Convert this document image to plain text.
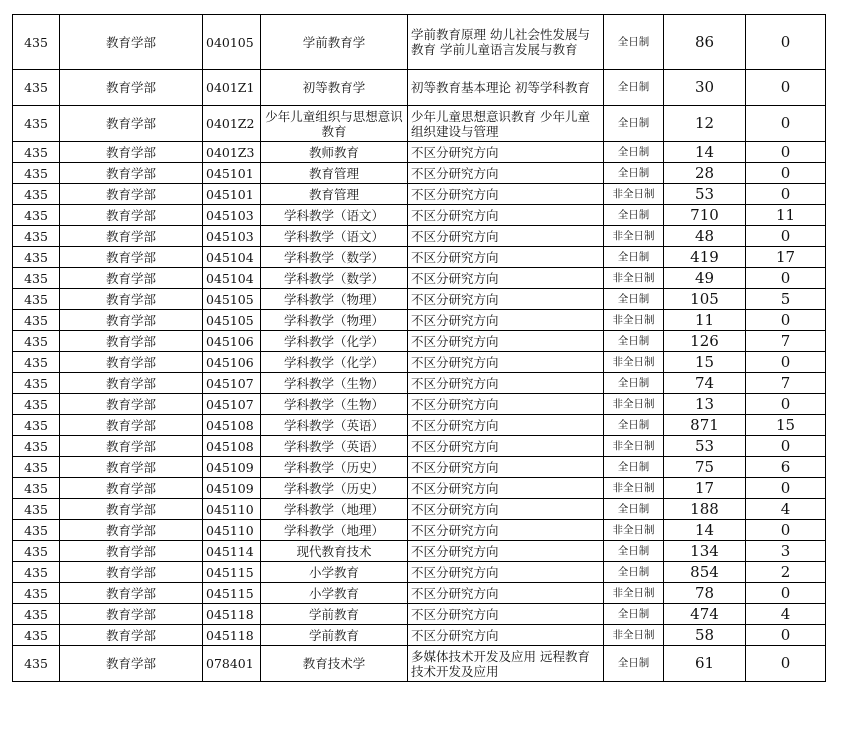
435	教育学部	040105	学前教育学	学前教育原理 幼儿社会性发展与教育 学前儿童语言发展与教育	全日制	86	0
435	教育学部	0401Z1	初等教育学	初等教育基本理论 初等学科教育	全日制	30	0
435	教育学部	0401Z2	少年儿童组织与思想意识教育	少年儿童思想意识教育 少年儿童组织建设与管理	全日制	12	0
435	教育学部	0401Z3	教师教育	不区分研究方向	全日制	14	0
435	教育学部	045101	教育管理	不区分研究方向	全日制	28	0
435	教育学部	045101	教育管理	不区分研究方向	非全日制	53	0
435	教育学部	045103	学科教学（语文）	不区分研究方向	全日制	710	11
435	教育学部	045103	学科教学（语文）	不区分研究方向	非全日制	48	0
435	教育学部	045104	学科教学（数学）	不区分研究方向	全日制	419	17
435	教育学部	045104	学科教学（数学）	不区分研究方向	非全日制	49	0
435	教育学部	045105	学科教学（物理）	不区分研究方向	全日制	105	5
435	教育学部	045105	学科教学（物理）	不区分研究方向	非全日制	11	0
435	教育学部	045106	学科教学（化学）	不区分研究方向	全日制	126	7
435	教育学部	045106	学科教学（化学）	不区分研究方向	非全日制	15	0
435	教育学部	045107	学科教学（生物）	不区分研究方向	全日制	74	7
435	教育学部	045107	学科教学（生物）	不区分研究方向	非全日制	13	0
435	教育学部	045108	学科教学（英语）	不区分研究方向	全日制	871	15
435	教育学部	045108	学科教学（英语）	不区分研究方向	非全日制	53	0
435	教育学部	045109	学科教学（历史）	不区分研究方向	全日制	75	6
435	教育学部	045109	学科教学（历史）	不区分研究方向	非全日制	17	0
435	教育学部	045110	学科教学（地理）	不区分研究方向	全日制	188	4
435	教育学部	045110	学科教学（地理）	不区分研究方向	非全日制	14	0
435	教育学部	045114	现代教育技术	不区分研究方向	全日制	134	3
435	教育学部	045115	小学教育	不区分研究方向	全日制	854	2
435	教育学部	045115	小学教育	不区分研究方向	非全日制	78	0
435	教育学部	045118	学前教育	不区分研究方向	全日制	474	4
435	教育学部	045118	学前教育	不区分研究方向	非全日制	58	0
435	教育学部	078401	教育技术学	多媒体技术开发及应用 远程教育技术开发及应用	全日制	61	0
